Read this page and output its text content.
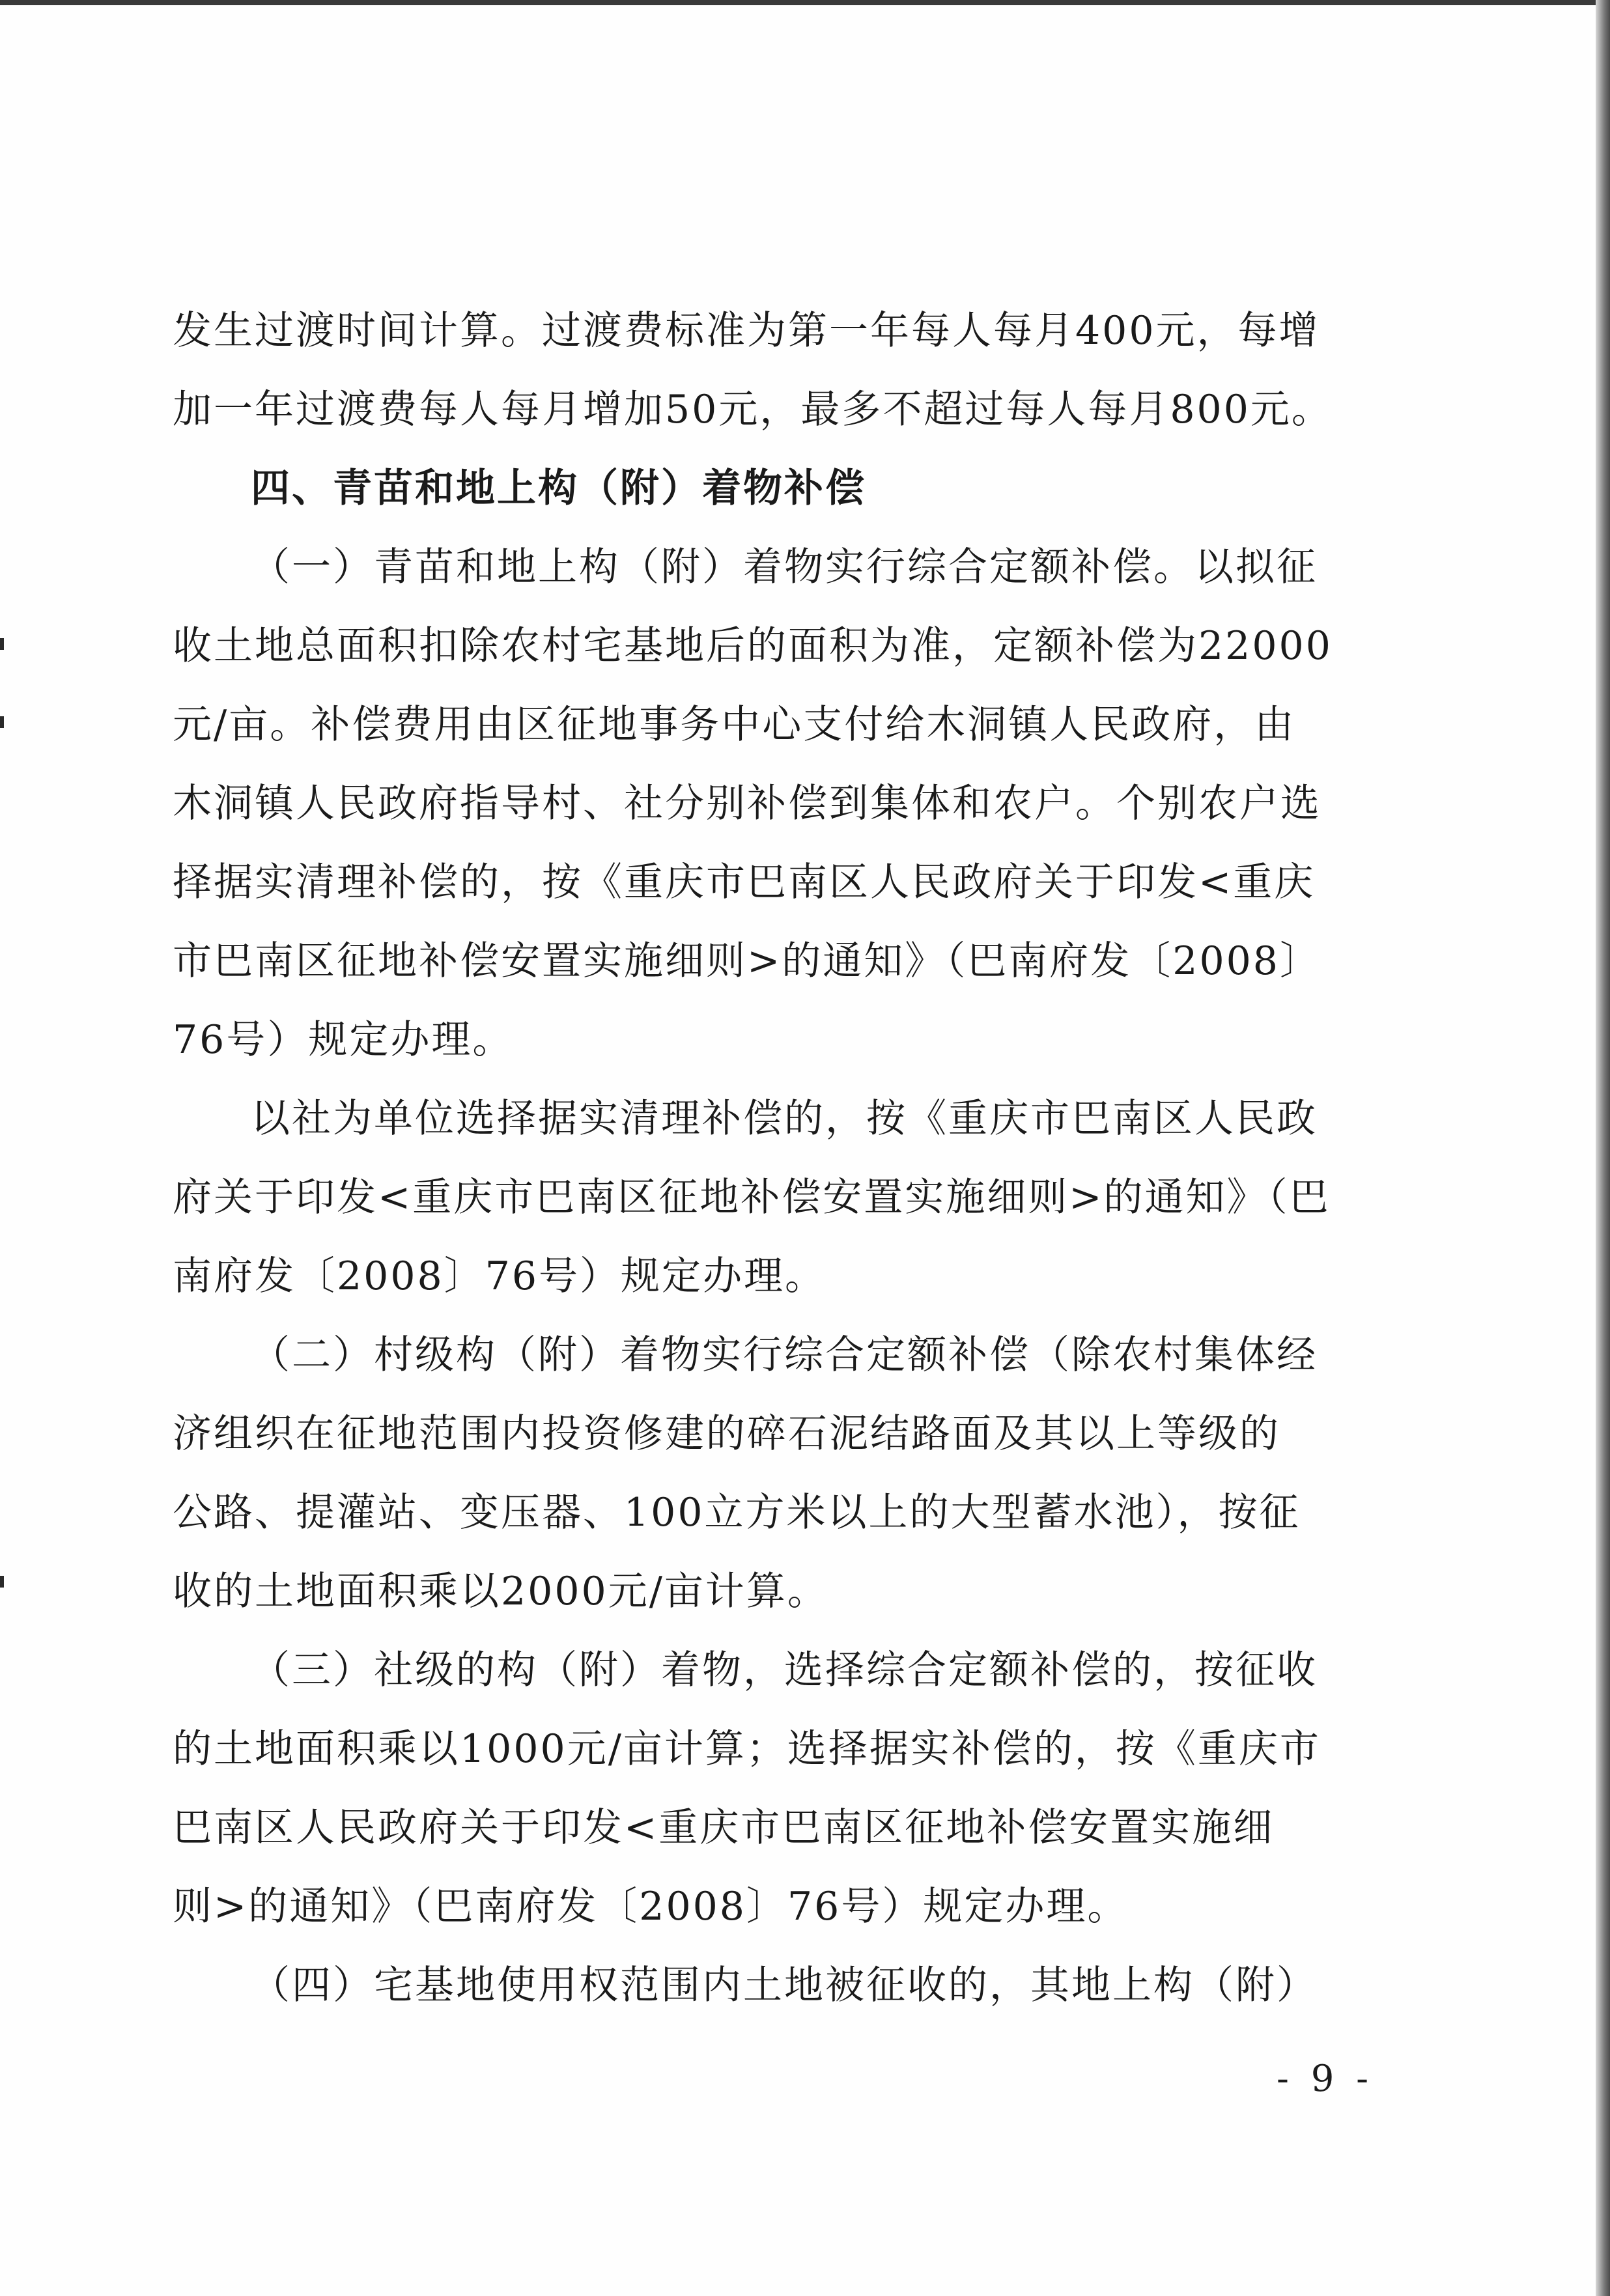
发生过渡时间计算。过渡费标准为第一年每人每月400元，每增
加一年过渡费每人每月增加50元，最多不超过每人每月800元。
四、青苗和地上构（附）着物补偿
（一）青苗和地上构（附）着物实行综合定额补偿。以拟征
收土地总面积扣除农村宅基地后的面积为准，定额补偿为22000
元/亩。补偿费用由区征地事务中心支付给木洞镇人民政府，由
木洞镇人民政府指导村、社分别补偿到集体和农户。个别农户选
择据实清理补偿的，按《重庆市巴南区人民政府关于印发<重庆
市巴南区征地补偿安置实施细则>的通知》（巴南府发〔2008〕
76号）规定办理。
以社为单位选择据实清理补偿的，按《重庆市巴南区人民政
府关于印发<重庆市巴南区征地补偿安置实施细则>的通知》（巴
南府发〔2008〕76号）规定办理。
（二）村级构（附）着物实行综合定额补偿（除农村集体经
济组织在征地范围内投资修建的碎石泥结路面及其以上等级的
公路、提灌站、变压器、100立方米以上的大型蓄水池），按征
收的土地面积乘以2000元/亩计算。
（三）社级的构（附）着物，选择综合定额补偿的，按征收
的土地面积乘以1000元/亩计算；选择据实补偿的，按《重庆市
巴南区人民政府关于印发<重庆市巴南区征地补偿安置实施细
则>的通知》（巴南府发〔2008〕76号）规定办理。
（四）宅基地使用权范围内土地被征收的，其地上构（附）
- 9 -
